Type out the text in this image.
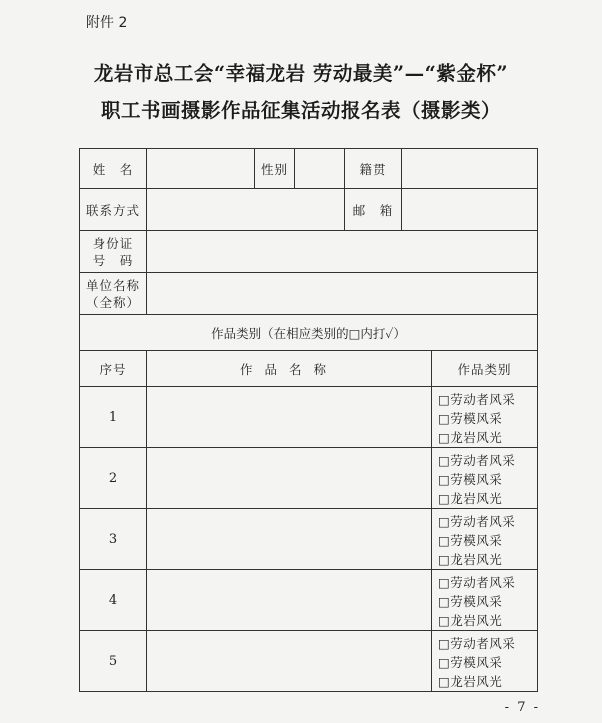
附件 2
龙岩市总工会“幸福龙岩 劳动最美”—“紫金杯”
职工书画摄影作品征集活动报名表（摄影类）
姓　名		性别		籍贯		
联系方式				邮　箱		

身份证
号　码						

单位名称
（全称）						

作品类别（在相应类别的□内打✓）						
序号	作品名称					作品类别
1						□劳动者风采
□劳模风采
□龙岩风光

2						□劳动者风采
□劳模风采
□龙岩风光

3						□劳动者风采
□劳模风采
□龙岩风光

4						□劳动者风采
□劳模风采
□龙岩风光

5						□劳动者风采
□劳模风采
□龙岩风光
- 7 -
